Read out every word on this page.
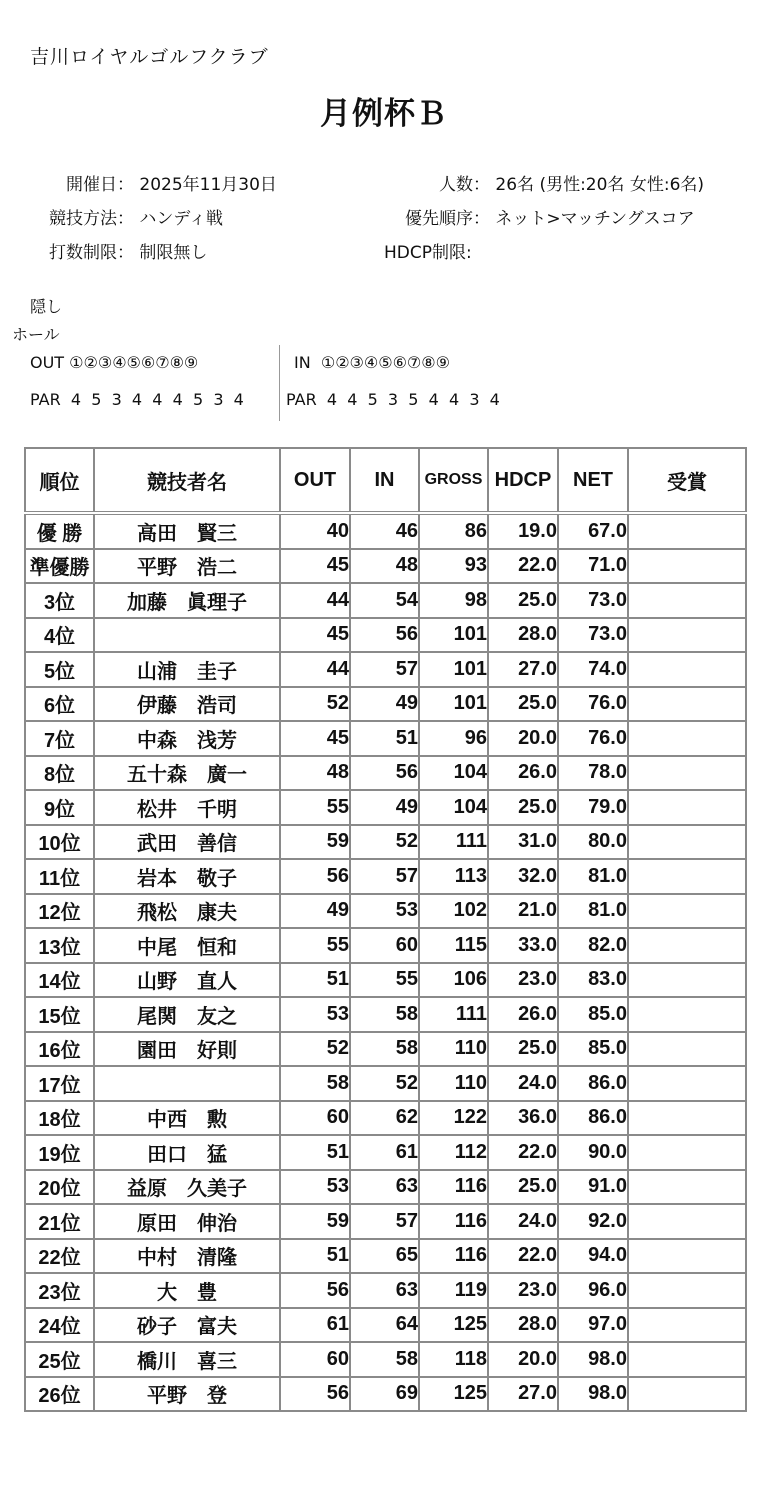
吉川ロイヤルゴルフクラブ
月例杯Ｂ
開催日： 2025年11月30日	人数： 26名 (男性:20名 女性:6名)
競技方法： ハンディ戦	優先順序： ネット>マッチングスコア
打数制限： 制限無し	HDCP制限:
隠し
ホール
OUT ①②③④⑤⑥⑦⑧⑨	IN  ①②③④⑤⑥⑦⑧⑨
PAR  4  5  3  4  4  4  5  3  4	PAR  4  4  5  3  5  4  4  3  4
順位	競技者名	OUT	IN	GROSS	HDCP	NET	受賞
優 勝	高田　賢三	40	46	86	19.0	67.0	
準優勝	平野　浩二	45	48	93	22.0	71.0	
3位	加藤　眞理子	44	54	98	25.0	73.0	
4位		45	56	101	28.0	73.0	
5位	山浦　圭子	44	57	101	27.0	74.0	
6位	伊藤　浩司	52	49	101	25.0	76.0	
7位	中森　浅芳	45	51	96	20.0	76.0	
8位	五十森　廣一	48	56	104	26.0	78.0	
9位	松井　千明	55	49	104	25.0	79.0	
10位	武田　善信	59	52	111	31.0	80.0	
11位	岩本　敬子	56	57	113	32.0	81.0	
12位	飛松　康夫	49	53	102	21.0	81.0	
13位	中尾　恒和	55	60	115	33.0	82.0	
14位	山野　直人	51	55	106	23.0	83.0	
15位	尾関　友之	53	58	111	26.0	85.0	
16位	園田　好則	52	58	110	25.0	85.0	
17位		58	52	110	24.0	86.0	
18位	中西　勲	60	62	122	36.0	86.0	
19位	田口　猛	51	61	112	22.0	90.0	
20位	益原　久美子	53	63	116	25.0	91.0	
21位	原田　伸治	59	57	116	24.0	92.0	
22位	中村　清隆	51	65	116	22.0	94.0	
23位	大　豊	56	63	119	23.0	96.0	
24位	砂子　富夫	61	64	125	28.0	97.0	
25位	橋川　喜三	60	58	118	20.0	98.0	
26位	平野　登	56	69	125	27.0	98.0	
